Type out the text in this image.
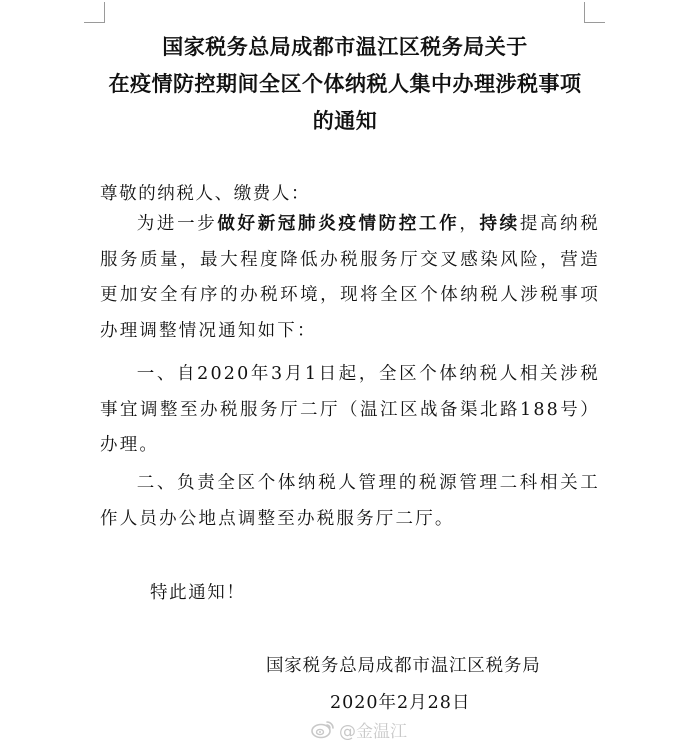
国家税务总局成都市温江区税务局关于
在疫情防控期间全区个体纳税人集中办理涉税事项
的通知
尊敬的纳税人、缴费人：
为进一步做好新冠肺炎疫情防控工作，持续提高纳税服务质量，最大程度降低办税服务厅交叉感染风险，营造更加安全有序的办税环境，现将全区个体纳税人涉税事项办理调整情况通知如下：
一、自2020年3月1日起，全区个体纳税人相关涉税事宜调整至办税服务厅二厅（温江区战备渠北路188号）办理。
二、负责全区个体纳税人管理的税源管理二科相关工作人员办公地点调整至办税服务厅二厅。
特此通知！
国家税务总局成都市温江区税务局
2020年2月28日
@金温江
